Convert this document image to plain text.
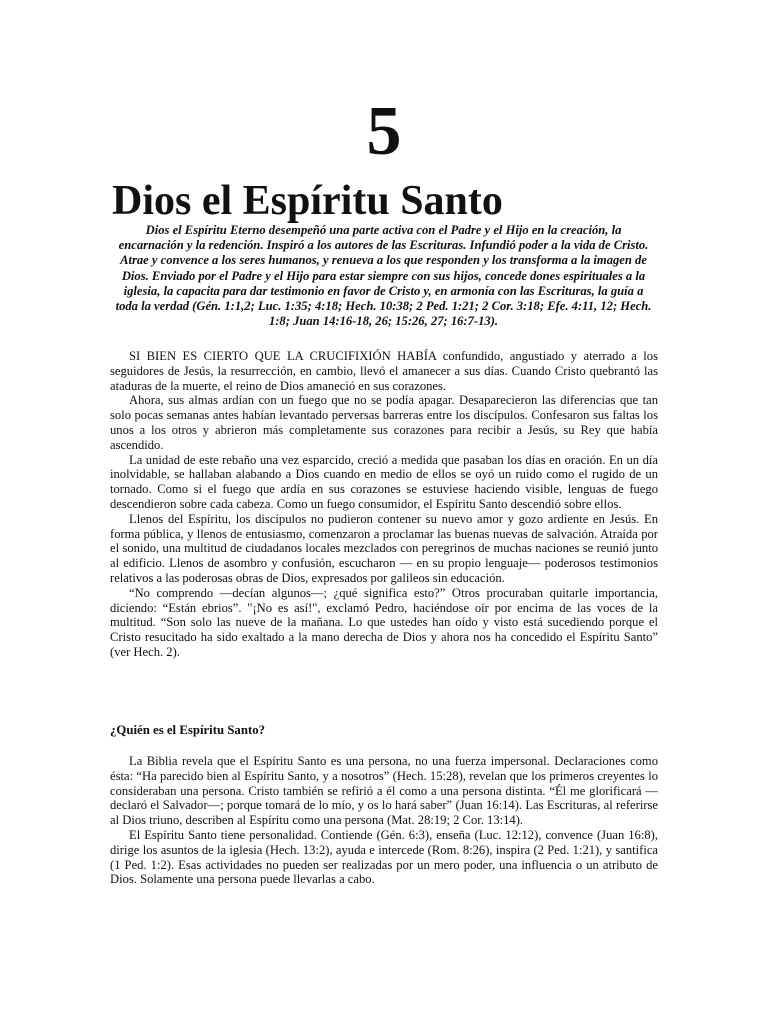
5
Dios el Espíritu Santo
Dios el Espíritu Eterno desempeñó una parte activa con el Padre y el Hijo en la creación, la encarnación y la redención. Inspiró a los autores de las Escrituras. Infundió poder a la vida de Cristo. Atrae y convence a los seres humanos, y renueva a los que responden y los transforma a la imagen de Dios. Enviado por el Padre y el Hijo para estar siempre con sus hijos, concede dones espirituales a la iglesia, la capacita para dar testimonio en favor de Cristo y, en armonía con las Escrituras, la guía a toda la verdad (Gén. 1:1,2; Luc. 1:35; 4:18; Hech. 10:38; 2 Ped. 1:21; 2 Cor. 3:18; Efe. 4:11, 12; Hech. 1:8; Juan 14:16-18, 26; 15:26, 27; 16:7-13).

SI BIEN ES CIERTO QUE LA CRUCIFIXIÓN HABÍA confundido, angustiado y aterrado a los seguidores de Jesús, la resurrección, en cambio, llevó el amanecer a sus días. Cuando Cristo quebrantó las ataduras de la muerte, el reino de Dios amaneció en sus corazones.

Ahora, sus almas ardían con un fuego que no se podía apagar. Desaparecieron las diferencias que tan solo pocas semanas antes habían levantado perversas barreras entre los discípulos. Confesaron sus faltas los unos a los otros y abrieron más completamente sus corazones para recibir a Jesús, su Rey que había ascendido.

La unidad de este rebaño una vez esparcido, creció a medida que pasaban los días en oración. En un día inolvidable, se hallaban alabando a Dios cuando en medio de ellos se oyó un ruido como el rugido de un tornado. Como si el fuego que ardía en sus corazones se estuviese haciendo visible, lenguas de fuego descendieron sobre cada cabeza. Como un fuego consumidor, el Espíritu Santo descendió sobre ellos.

Llenos del Espíritu, los discípulos no pudieron contener su nuevo amor y gozo ardiente en Jesús. En forma pública, y llenos de entusiasmo, comenzaron a proclamar las buenas nuevas de salvación. Atraída por el sonido, una multitud de ciudadanos locales mezclados con peregrinos de muchas naciones se reunió junto al edificio. Llenos de asombro y confusión, escucharon — en su propio lenguaje— poderosos testimonios relativos a las poderosas obras de Dios, expresados por galileos sin educación.

“No comprendo —decían algunos—; ¿qué significa esto?” Otros procuraban quitarle importancia, diciendo: “Están ebrios”. "¡No es así!", exclamó Pedro, haciéndose oír por encima de las voces de la multitud. “Son solo las nueve de la mañana. Lo que ustedes han oído y visto está sucediendo porque el Cristo resucitado ha sido exaltado a la mano derecha de Dios y ahora nos ha concedido el Espíritu Santo” (ver Hech. 2).

¿Quién es el Espíritu Santo?

La Biblia revela que el Espíritu Santo es una persona, no una fuerza impersonal. Declaraciones como ésta: “Ha parecido bien al Espíritu Santo, y a nosotros” (Hech. 15:28), revelan que los primeros creyentes lo consideraban una persona. Cristo también se refirió a él como a una persona distinta. “Él me glorificará —declaró el Salvador—; porque tomará de lo mío, y os lo hará saber” (Juan 16:14). Las Escrituras, al referirse al Dios triuno, describen al Espíritu como una persona (Mat. 28:19; 2 Cor. 13:14).

El Espíritu Santo tiene personalidad. Contiende (Gén. 6:3), enseña (Luc. 12:12), convence (Juan 16:8), dirige los asuntos de la iglesia (Hech. 13:2), ayuda e intercede (Rom. 8:26), inspira (2 Ped. 1:21), y santifica (1 Ped. 1:2). Esas actividades no pueden ser realizadas por un mero poder, una influencia o un atributo de Dios. Solamente una persona puede llevarlas a cabo.
